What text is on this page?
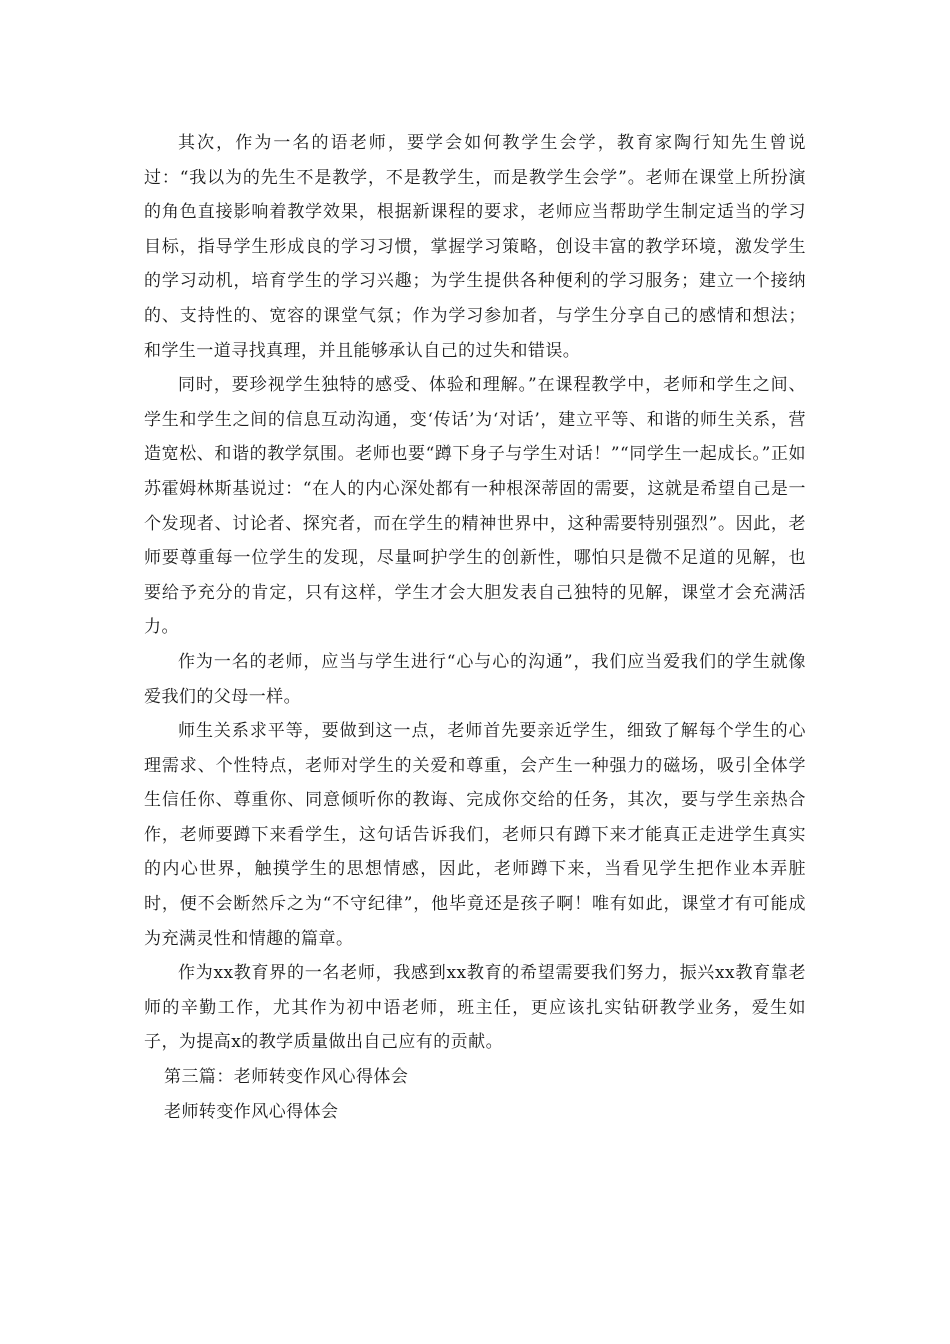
其次，作为一名的语老师，要学会如何教学生会学，教育家陶行知先生曾说过：“我以为的先生不是教学，不是教学生，而是教学生会学”。老师在课堂上所扮演的角色直接影响着教学效果，根据新课程的要求，老师应当帮助学生制定适当的学习目标，指导学生形成良的学习习惯，掌握学习策略，创设丰富的教学环境，激发学生的学习动机，培育学生的学习兴趣；为学生提供各种便利的学习服务；建立一个接纳的、支持性的、宽容的课堂气氛；作为学习参加者，与学生分享自己的感情和想法；和学生一道寻找真理，并且能够承认自己的过失和错误。

同时，要珍视学生独特的感受、体验和理解。”在课程教学中，老师和学生之间、学生和学生之间的信息互动沟通，变‘传话’为‘对话’，建立平等、和谐的师生关系，营造宽松、和谐的教学氛围。老师也要“蹲下身子与学生对话！”“同学生一起成长。”正如苏霍姆林斯基说过：“在人的内心深处都有一种根深蒂固的需要，这就是希望自己是一个发现者、讨论者、探究者，而在学生的精神世界中，这种需要特别强烈”。因此，老师要尊重每一位学生的发现，尽量呵护学生的创新性，哪怕只是微不足道的见解，也要给予充分的肯定，只有这样，学生才会大胆发表自己独特的见解，课堂才会充满活力。

作为一名的老师，应当与学生进行“心与心的沟通”，我们应当爱我们的学生就像爱我们的父母一样。

师生关系求平等，要做到这一点，老师首先要亲近学生，细致了解每个学生的心理需求、个性特点，老师对学生的关爱和尊重，会产生一种强力的磁场，吸引全体学生信任你、尊重你、同意倾听你的教诲、完成你交给的任务，其次，要与学生亲热合作，老师要蹲下来看学生，这句话告诉我们，老师只有蹲下来才能真正走进学生真实的内心世界，触摸学生的思想情感，因此，老师蹲下来，当看见学生把作业本弄脏时，便不会断然斥之为“不守纪律”，他毕竟还是孩子啊！唯有如此，课堂才有可能成为充满灵性和情趣的篇章。

作为xx教育界的一名老师，我感到xx教育的希望需要我们努力，振兴xx教育靠老师的辛勤工作，尤其作为初中语老师，班主任，更应该扎实钻研教学业务，爱生如子，为提高x的教学质量做出自己应有的贡献。

第三篇：老师转变作风心得体会

老师转变作风心得体会
